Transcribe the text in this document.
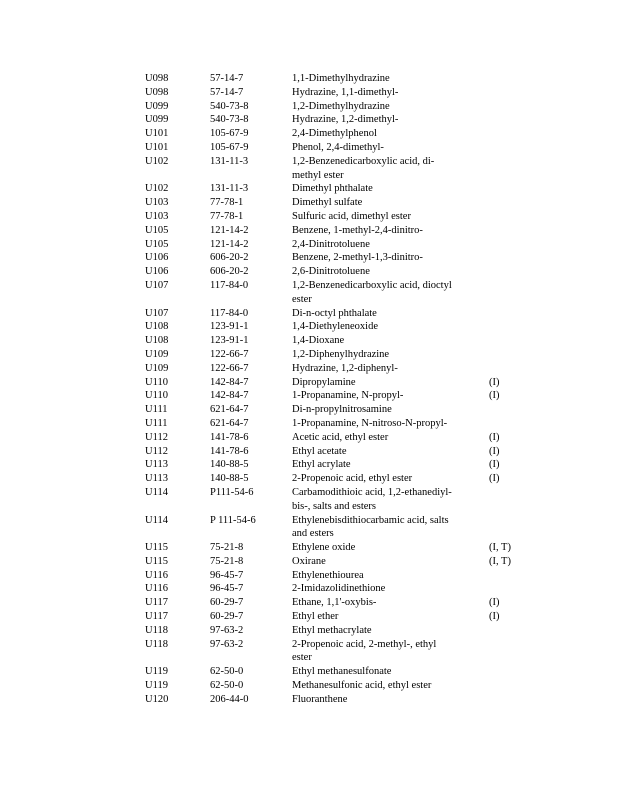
U098	57-14-7	1,1-Dimethylhydrazine
U098	57-14-7	Hydrazine, 1,1-dimethyl-
U099	540-73-8	1,2-Dimethylhydrazine
U099	540-73-8	Hydrazine, 1,2-dimethyl-
U101	105-67-9	2,4-Dimethylphenol
U101	105-67-9	Phenol, 2,4-dimethyl-
U102	131-11-3	1,2-Benzenedicarboxylic acid, di-
methyl ester
U102	131-11-3	Dimethyl phthalate
U103	77-78-1	Dimethyl sulfate
U103	77-78-1	Sulfuric acid, dimethyl ester
U105	121-14-2	Benzene, 1-methyl-2,4-dinitro-
U105	121-14-2	2,4-Dinitrotoluene
U106	606-20-2	Benzene, 2-methyl-1,3-dinitro-
U106	606-20-2	2,6-Dinitrotoluene
U107	117-84-0	1,2-Benzenedicarboxylic acid, dioctyl
ester
U107	117-84-0	Di-n-octyl phthalate
U108	123-91-1	1,4-Diethyleneoxide
U108	123-91-1	1,4-Dioxane
U109	122-66-7	1,2-Diphenylhydrazine
U109	122-66-7	Hydrazine, 1,2-diphenyl-
U110	142-84-7	Dipropylamine	(I)
U110	142-84-7	1-Propanamine, N-propyl-	(I)
U111	621-64-7	Di-n-propylnitrosamine
U111	621-64-7	1-Propanamine, N-nitroso-N-propyl-
U112	141-78-6	Acetic acid, ethyl ester	(I)
U112	141-78-6	Ethyl acetate	(I)
U113	140-88-5	Ethyl acrylate	(I)
U113	140-88-5	2-Propenoic acid, ethyl ester	(I)
U114	P111-54-6	Carbamodithioic acid, 1,2-ethanediyl-
bis-, salts and esters
U114	P 111-54-6	Ethylenebisdithiocarbamic acid, salts
and esters
U115	75-21-8	Ethylene oxide	(I, T)
U115	75-21-8	Oxirane	(I, T)
U116	96-45-7	Ethylenethiourea
U116	96-45-7	2-Imidazolidinethione
U117	60-29-7	Ethane, 1,1'-oxybis-	(I)
U117	60-29-7	Ethyl ether	(I)
U118	97-63-2	Ethyl methacrylate
U118	97-63-2	2-Propenoic acid, 2-methyl-, ethyl
ester
U119	62-50-0	Ethyl methanesulfonate
U119	62-50-0	Methanesulfonic acid, ethyl ester
U120	206-44-0	Fluoranthene
